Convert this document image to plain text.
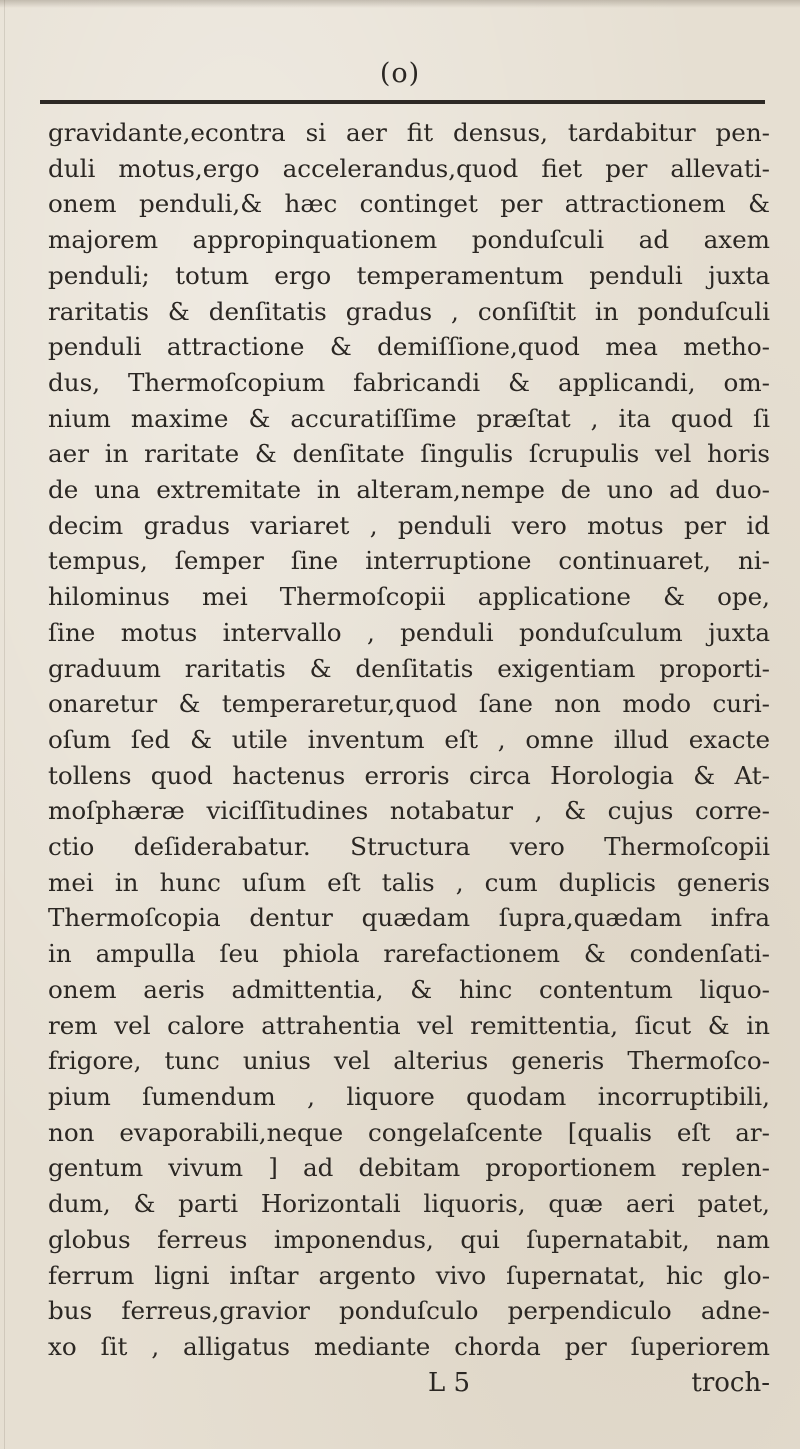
(o)
gravidante,econtra si aer fit densus, tardabitur pen-
duli motus,ergo accelerandus,quod fiet per allevati-
onem penduli,& hæc continget per attractionem &
majorem appropinquationem ponduſculi ad axem
penduli; totum ergo temperamentum penduli juxta
raritatis & denſitatis gradus , conſiſtit in ponduſculi
penduli attractione & demiſſione,quod mea metho-
dus, Thermoſcopium fabricandi & applicandi, om-
nium maxime & accuratiſſime præſtat , ita quod ſi
aer in raritate & denſitate ſingulis ſcrupulis vel horis
de una extremitate in alteram,nempe de uno ad duo-
decim gradus variaret , penduli vero motus per id
tempus, ſemper ſine interruptione continuaret, ni-
hilominus mei Thermoſcopii applicatione & ope,
ſine motus intervallo , penduli ponduſculum juxta
graduum raritatis & denſitatis exigentiam proporti-
onaretur & temperaretur,quod ſane non modo curi-
oſum ſed & utile inventum eſt , omne illud exacte
tollens quod hactenus erroris circa Horologia & At-
moſphæræ viciſſitudines notabatur , & cujus corre-
ctio deſiderabatur. Structura vero Thermoſcopii
mei in hunc uſum eſt talis , cum duplicis generis
Thermoſcopia dentur quædam ſupra,quædam infra
in ampulla ſeu phiola rarefactionem & condenſati-
onem aeris admittentia, & hinc contentum liquo-
rem vel calore attrahentia vel remittentia, ſicut & in
frigore, tunc unius vel alterius generis Thermoſco-
pium ſumendum , liquore quodam incorruptibili,
non evaporabili,neque congelaſcente [qualis eſt ar-
gentum vivum ] ad debitam proportionem replen-
dum, & parti Horizontali liquoris, quæ aeri patet,
globus ferreus imponendus, qui ſupernatabit, nam
ferrum ligni inſtar argento vivo ſupernatat, hic glo-
bus ferreus,gravior ponduſculo perpendiculo adne-
xo ſit , alligatus mediante chorda per ſuperiorem
L 5	troch-
